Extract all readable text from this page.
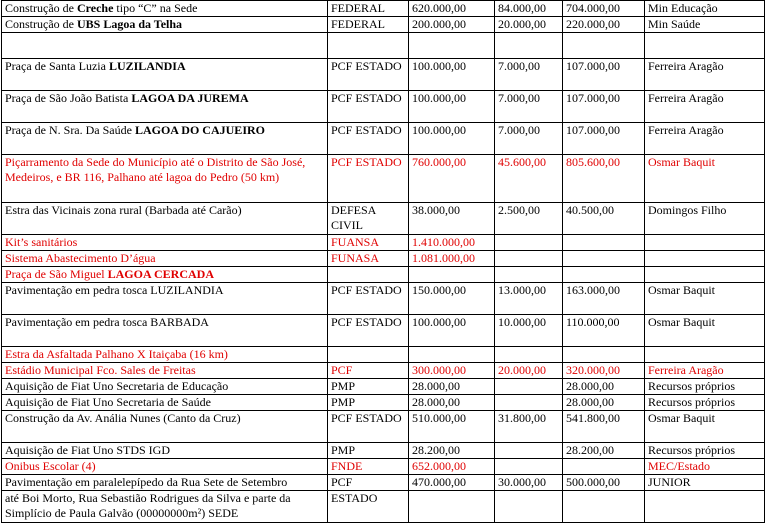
Construção de Creche tipo “C” na Sede	FEDERAL	620.000,00	84.000,00	704.000,00	Min Educação
Construção de UBS Lagoa da Telha	FEDERAL	200.000,00	20.000,00	220.000,00	Min Saúde

Praça de Santa Luzia LUZILANDIA	PCF ESTADO	100.000,00	7.000,00	107.000,00	Ferreira Aragão
Praça de São João Batista LAGOA DA JUREMA	PCF ESTADO	100.000,00	7.000,00	107.000,00	Ferreira Aragão
Praça de N. Sra. Da Saúde LAGOA DO CAJUEIRO	PCF ESTADO	100.000,00	7.000,00	107.000,00	Ferreira Aragão
Piçarramento da Sede do Município até o Distrito de São José, Medeiros, e BR 116, Palhano até lagoa do Pedro (50 km)	PCF ESTADO	760.000,00	45.600,00	805.600,00	Osmar Baquit
Estra das Vicinais zona rural (Barbada até Carão)	DEFESA CIVIL	38.000,00	2.500,00	40.500,00	Domingos Filho
Kit’s sanitários	FUANSA	1.410.000,00			
Sistema Abastecimento D’água	FUNASA	1.081.000,00			
Praça de São Miguel LAGOA CERCADA					
Pavimentação em pedra tosca LUZILANDIA	PCF ESTADO	150.000,00	13.000,00	163.000,00	Osmar Baquit
Pavimentação em pedra tosca BARBADA	PCF ESTADO	100.000,00	10.000,00	110.000,00	Osmar Baquit
Estra da Asfaltada Palhano X Itaiçaba (16 km)					
Estádio Municipal Fco. Sales de Freitas	PCF	300.000,00	20.000,00	320.000,00	Ferreira Aragão
Aquisição de Fiat Uno Secretaria de Educação	PMP	28.000,00		28.000,00	Recursos próprios
Aquisição de Fiat Uno Secretaria de Saúde	PMP	28.000,00		28.000,00	Recursos próprios
Construção da Av. Anália Nunes (Canto da Cruz)	PCF ESTADO	510.000,00	31.800,00	541.800,00	Osmar Baquit
Aquisição de Fiat Uno STDS IGD	PMP	28.200,00		28.200,00	Recursos próprios
Onibus Escolar (4)	FNDE	652.000,00			MEC/Estado
Pavimentação em paralelepípedo da Rua Sete de Setembro	PCF	470.000,00	30.000,00	500.000,00	JUNIOR
até Boi Morto, Rua Sebastião Rodrigues da Silva e parte da Simplício de Paula Galvão (00000000m²) SEDE	ESTADO				
